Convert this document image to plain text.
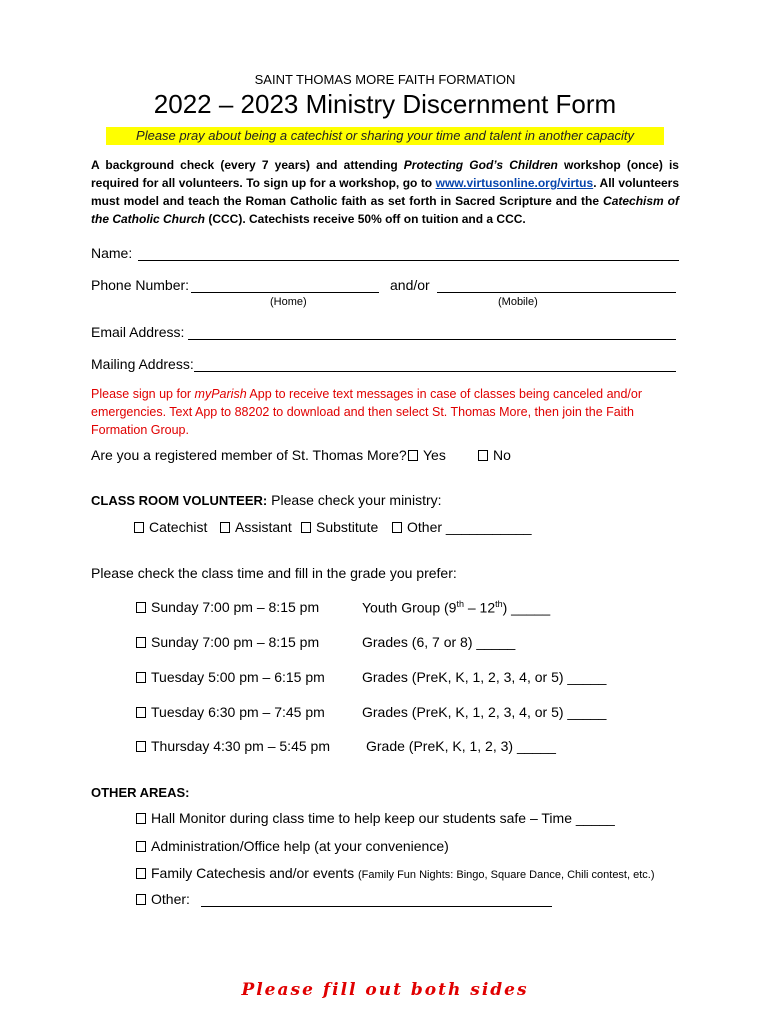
SAINT THOMAS MORE FAITH FORMATION
2022 – 2023 Ministry Discernment Form
Please pray about being a catechist or sharing your time and talent in another capacity
A background check (every 7 years) and attending Protecting God’s Children workshop (once) is required for all volunteers. To sign up for a workshop, go to www.virtusonline.org/virtus. All volunteers must model and teach the Roman Catholic faith as set forth in Sacred Scripture and the Catechism of the Catholic Church (CCC). Catechists receive 50% off on tuition and a CCC.
Name:
Phone Number:	and/or
(Home)	(Mobile)
Email Address:
Mailing Address:
Please sign up for myParish App to receive text messages in case of classes being canceled and/or emergencies. Text App to 88202 to download and then select St. Thomas More, then join the Faith Formation Group.
Are you a registered member of St. Thomas More?	Yes	No
CLASS ROOM VOLUNTEER: Please check your ministry:
Catechist	Assistant	Substitute	Other ___________
Please check the class time and fill in the grade you prefer:
Sunday 7:00 pm – 8:15 pm	Youth Group (9th – 12th) _____
Sunday 7:00 pm – 8:15 pm	Grades (6, 7 or 8) _____
Tuesday 5:00 pm – 6:15 pm	Grades (PreK, K, 1, 2, 3, 4, or 5) _____
Tuesday 6:30 pm – 7:45 pm	Grades (PreK, K, 1, 2, 3, 4, or 5) _____
Thursday 4:30 pm – 5:45 pm	Grade (PreK, K, 1, 2, 3) _____
OTHER AREAS:
Hall Monitor during class time to help keep our students safe – Time _____
Administration/Office help (at your convenience)
Family Catechesis and/or events (Family Fun Nights: Bingo, Square Dance, Chili contest, etc.)
Other:
Please fill out both sides
